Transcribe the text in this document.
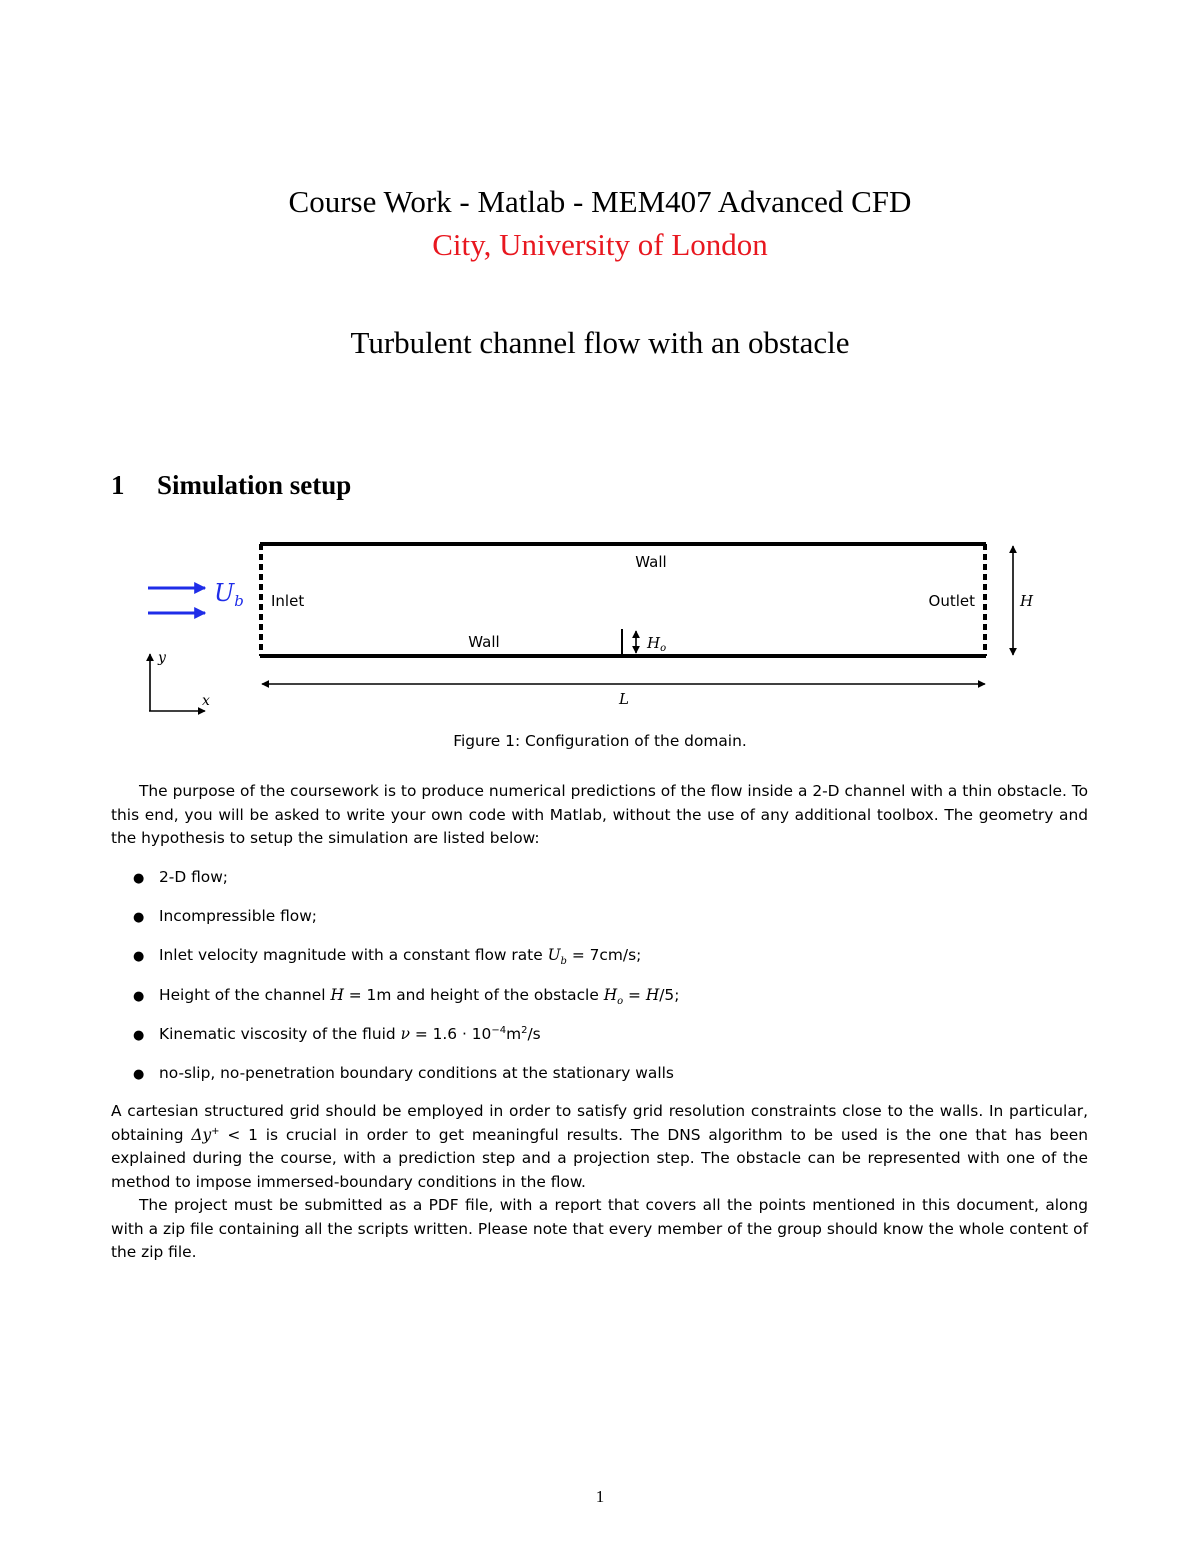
Course Work - Matlab - MEM407 Advanced CFD
City, University of London
Turbulent channel flow with an obstacle
1 Simulation setup
Wall
Wall
Inlet	Outlet
$U_b$
$H_o$
H
L
y
x
Figure 1: Configuration of the domain.
The purpose of the coursework is to produce numerical predictions of the flow inside a 2-D channel with a thin obstacle. To this end, you will be asked to write your own code with Matlab, without the use of any additional toolbox. The geometry and the hypothesis to setup the simulation are listed below:
● 2-D flow;
● Incompressible flow;
● Inlet velocity magnitude with a constant flow rate $U_b = 7cm/s$;
● Height of the channel H = 1m and height of the obstacle $H_o = H/5$;
● Kinematic viscosity of the fluid $\nu = 1.6 \cdot 10^{-4}m^2/s$
● no-slip, no-penetration boundary conditions at the stationary walls
A cartesian structured grid should be employed in order to satisfy grid resolution constraints close to the walls. In particular, obtaining Δy+ < 1 is crucial in order to get meaningful results. The DNS algorithm to be used is the one that has been explained during the course, with a prediction step and a projection step. The obstacle can be represented with one of the method to impose immersed-boundary conditions in the flow.
The project must be submitted as a PDF file, with a report that covers all the points mentioned in this document, along with a zip file containing all the scripts written. Please note that every member of the group should know the whole content of the zip file.
1
